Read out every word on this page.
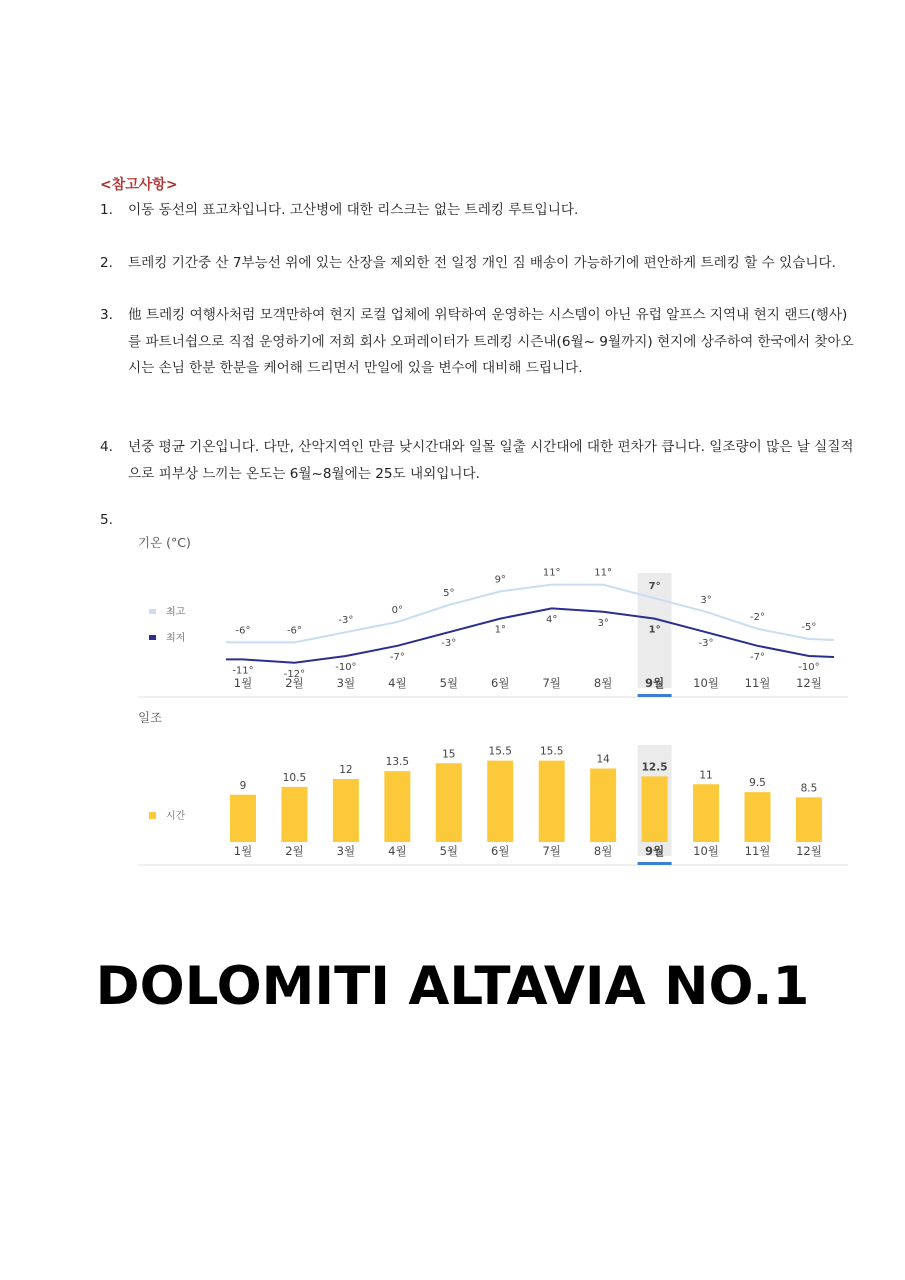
<참고사항>
1.	이동 동선의 표고차입니다. 고산병에 대한 리스크는 없는 트레킹 루트입니다.
2.	트레킹 기간중 산 7부능선 위에 있는 산장을 제외한 전 일정 개인 짐 배송이 가능하기에 편안하게 트레킹 할 수 있습니다.
3.	他 트레킹 여행사처럼 모객만하여 현지 로컬 업체에 위탁하여 운영하는 시스템이 아닌 유럽 알프스 지역내 현지 랜드(행사)를 파트너쉽으로 직접 운영하기에 저희 회사 오퍼레이터가 트레킹 시즌내(6월~ 9월까지) 현지에 상주하여 한국에서 찾아오시는 손님 한분 한분을 케어해 드리면서 만일에 있을 변수에 대비해 드립니다.
4.	년중 평균 기온입니다. 다만, 산악지역인 만큼 낮시간대와 일몰 일출 시간대에 대한 편차가 큽니다. 일조량이 많은 날 실질적으로 피부상 느끼는 온도는 6월~8월에는 25도 내외입니다.
5.
기온 (°C)
최고
최저
-6°	-6°
-3°
0°
5°
9°
11°	11°
7°
3°
-2°
-5°
-11°	-12°
-10°
-7°
-3°
1°
4°	3°
1°
-3°
-7°
-10°
1월	2월	3월	4월	5월	6월	7월	8월	9월	10월 11월 12월
일조
시간
9
10.5
12
13.5
15	15.5	15.5
14
12.5
11
9.5	8.5
1월	2월	3월	4월	5월	6월	7월	8월	9월	10월 11월 12월
DOLOMITI ALTAVIA NO.1
